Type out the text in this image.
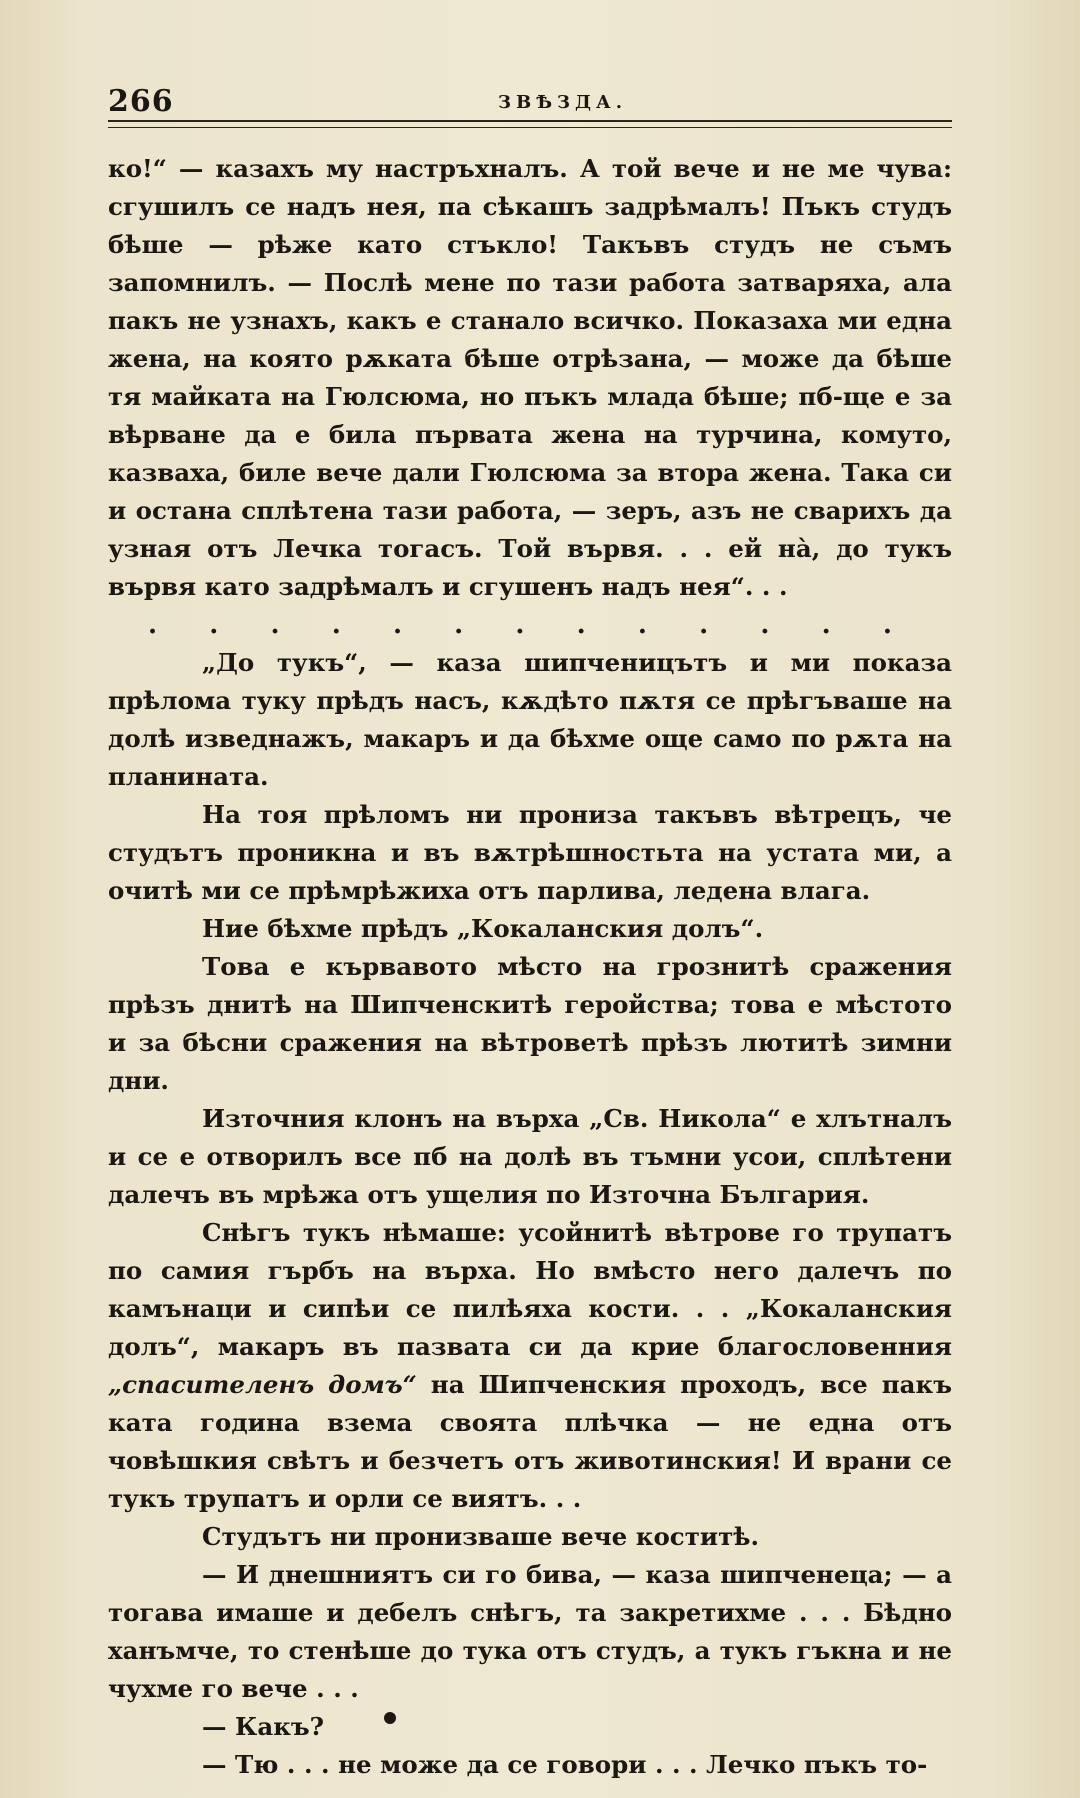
266	ЗВѢЗДА.

ко!“ — казахъ му настръхналъ. А той вече и не ме чува: сгушилъ се надъ нея, па сѣкашъ задрѣмалъ! Пъкъ студъ бѣше — рѣже като стъкло! Такъвъ студъ не съмъ запомнилъ. — Послѣ мене по тази работа затваряха, ала пакъ не узнахъ, какъ е станало всичко. Показаха ми една жена, на която рѫката бѣше отрѣзана, — може да бѣше тя майката на Гюлсюма, но пъкъ млада бѣше; пб-ще е за вѣрване да е била първата жена на турчина, комуто, казваха, биле вече дали Гюлсюма за втора жена. Така си и остана сплѣтена тази работа, — зеръ, азъ не сварихъ да узная отъ Лечка тогасъ. Той вървя. . . ей нà, до тукъ вървя като задрѣмалъ и сгушенъ надъ нея“. . .

. . . . . . . . . . . . .

„До тукъ“, — каза шипченицътъ и ми показа прѣлома туку прѣдъ насъ, кѫдѣто пѫтя се прѣгъваше на долѣ изведнажъ, макаръ и да бѣхме още само по рѫта на планината.

На тоя прѣломъ ни прониза такъвъ вѣтрецъ, че студътъ проникна и въ вѫтрѣшностьта на устата ми, а очитѣ ми се прѣмрѣжиха отъ парлива, ледена влага.

Ние бѣхме прѣдъ „Кокаланския долъ“.

Това е кървавото мѣсто на грознитѣ сражения прѣзъ днитѣ на Шипченскитѣ геройства; това е мѣстото и за бѣсни сражения на вѣтроветѣ прѣзъ лютитѣ зимни дни.

Източния клонъ на върха „Св. Никола“ е хлътналъ и се е отворилъ все пб на долѣ въ тъмни усои, сплѣтени далечъ въ мрѣжа отъ ущелия по Източна България.

Снѣгъ тукъ нѣмаше: усойнитѣ вѣтрове го трупатъ по самия гърбъ на върха. Но вмѣсто него далечъ по камънаци и сипѣи се пилѣяха кости. . . „Кокаланския долъ“, макаръ въ пазвата си да крие благословенния „спасителенъ домъ“ на Шипченския проходъ, все пакъ ката година взема своята плѣчка — не една отъ човѣшкия свѣтъ и безчетъ отъ животинския! И врани се тукъ трупатъ и орли се виятъ. . .

Студътъ ни пронизваше вече коститѣ.

— И днешниятъ си го бива, — каза шипченеца; — а тогава имаше и дебелъ снѣгъ, та закретихме . . . Бѣдно ханъмче, то стенѣше до тука отъ студъ, а тукъ гъкна и не чухме го вече . . .

— Какъ?

— Тю . . . не може да се говори . . . Лечко пъкъ то-
